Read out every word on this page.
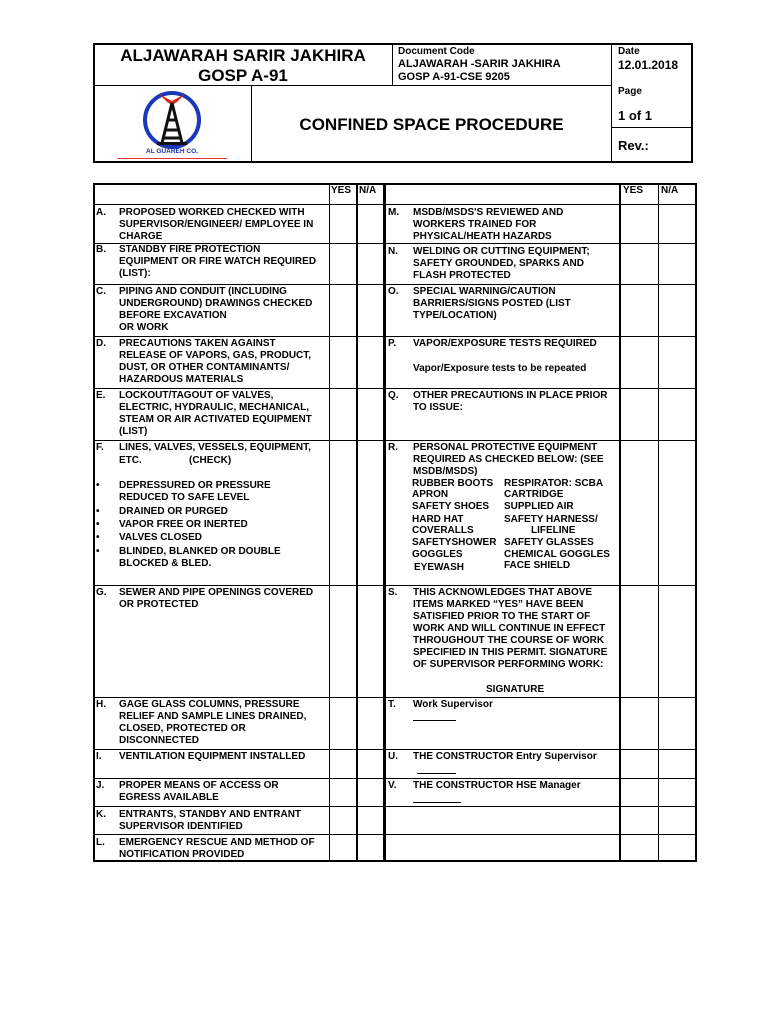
ALJAWARAH SARIR JAKHIRA
GOSP A-91
Document Code
ALJAWARAH -SARIR JAKHIRA
GOSP A-91-CSE 9205
Date
12.01.2018
Page
1 of 1
Rev.:
CONFINED SPACE PROCEDURE
AL GUAREH CO.
YES N/A	YES N/A
A. PROPOSED WORKED CHECKED WITH
SUPERVISOR/ENGINEER/ EMPLOYEE IN
CHARGE
B. STANDBY FIRE PROTECTION
EQUIPMENT OR FIRE WATCH REQUIRED
(LIST):
C. PIPING AND CONDUIT (INCLUDING
UNDERGROUND) DRAWINGS CHECKED
BEFORE EXCAVATION
OR WORK
D. PRECAUTIONS TAKEN AGAINST
RELEASE OF VAPORS, GAS, PRODUCT,
DUST, OR OTHER CONTAMINANTS/
HAZARDOUS MATERIALS
E. LOCKOUT/TAGOUT OF VALVES,
ELECTRIC, HYDRAULIC, MECHANICAL,
STEAM OR AIR ACTIVATED EQUIPMENT
(LIST)
F. LINES, VALVES, VESSELS, EQUIPMENT,
ETC.	(CHECK)
• DEPRESSURED OR PRESSURE
REDUCED TO SAFE LEVEL
• DRAINED OR PURGED
• VAPOR FREE OR INERTED
• VALVES CLOSED
• BLINDED, BLANKED OR DOUBLE
BLOCKED & BLED.
G. SEWER AND PIPE OPENINGS COVERED
OR PROTECTED
H. GAGE GLASS COLUMNS, PRESSURE
RELIEF AND SAMPLE LINES DRAINED,
CLOSED, PROTECTED OR
DISCONNECTED
I. VENTILATION EQUIPMENT INSTALLED
J. PROPER MEANS OF ACCESS OR
EGRESS AVAILABLE
K. ENTRANTS, STANDBY AND ENTRANT
SUPERVISOR IDENTIFIED
L. EMERGENCY RESCUE AND METHOD OF
NOTIFICATION PROVIDED
M. MSDB/MSDS'S REVIEWED AND
WORKERS TRAINED FOR
PHYSICAL/HEATH HAZARDS
N. WELDING OR CUTTING EQUIPMENT;
SAFETY GROUNDED, SPARKS AND
FLASH PROTECTED
O. SPECIAL WARNING/CAUTION
BARRIERS/SIGNS POSTED (LIST
TYPE/LOCATION)
P. VAPOR/EXPOSURE TESTS REQUIRED
Vapor/Exposure tests to be repeated
Q. OTHER PRECAUTIONS IN PLACE PRIOR
TO ISSUE:
R. PERSONAL PROTECTIVE EQUIPMENT
REQUIRED AS CHECKED BELOW: (SEE
MSDB/MSDS)
RUBBER BOOTS
APRON
SAFETY SHOES
HARD HAT
COVERALLS
SAFETYSHOWER
GOGGLES
EYEWASH
RESPIRATOR: SCBA
CARTRIDGE
SUPPLIED AIR
SAFETY HARNESS/
LIFELINE
SAFETY GLASSES
CHEMICAL GOGGLES
FACE SHIELD
S. THIS ACKNOWLEDGES THAT ABOVE
ITEMS MARKED “YES” HAVE BEEN
SATISFIED PRIOR TO THE START OF
WORK AND WILL CONTINUE IN EFFECT
THROUGHOUT THE COURSE OF WORK
SPECIFIED IN THIS PERMIT. SIGNATURE
OF SUPERVISOR PERFORMING WORK:
SIGNATURE
T. Work Supervisor
U. THE CONSTRUCTOR Entry Supervisor
V. THE CONSTRUCTOR HSE Manager
